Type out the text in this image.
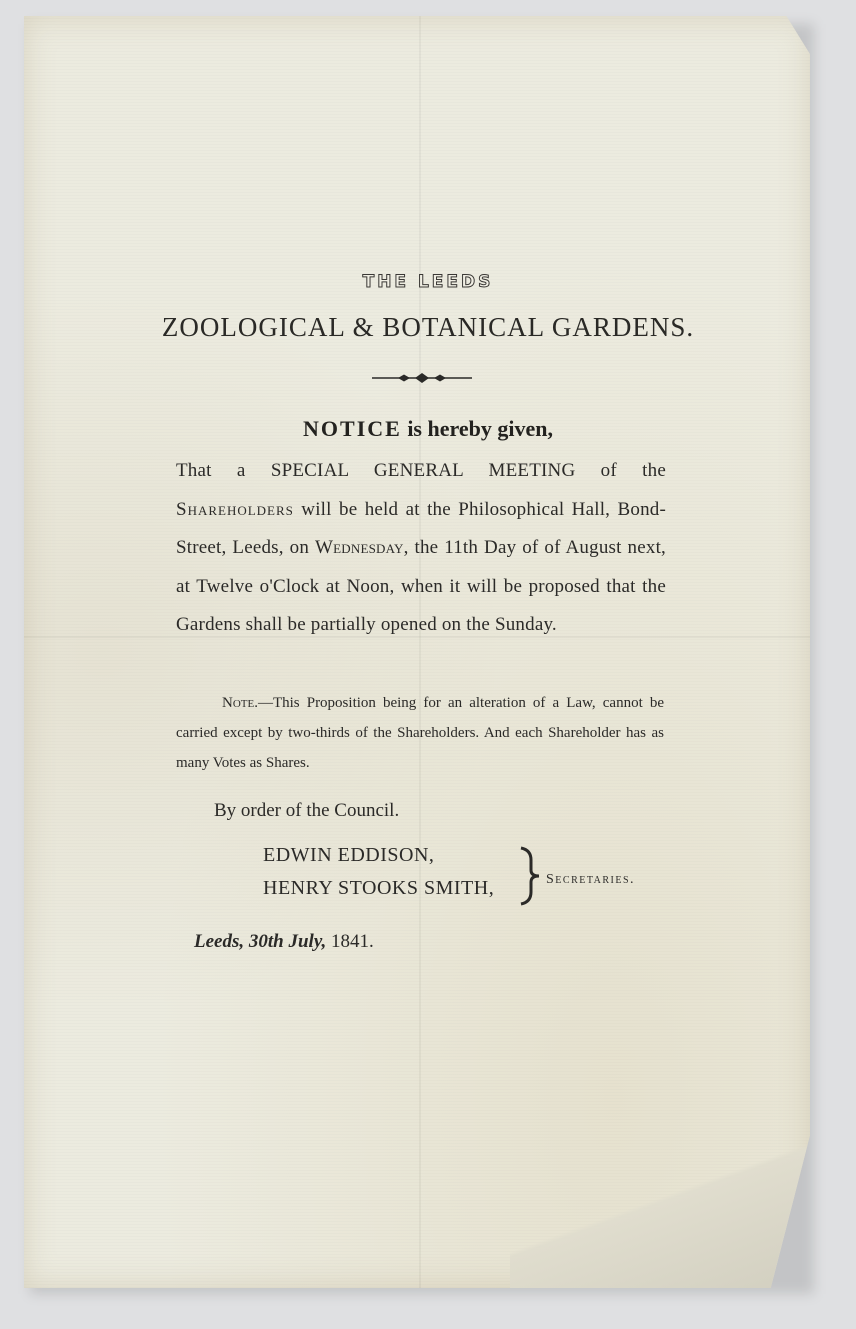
THE LEEDS
ZOOLOGICAL & BOTANICAL GARDENS.
NOTICE is hereby given,
That a SPECIAL GENERAL MEETING of the Shareholders will be held at the Philosophical Hall, Bond-Street, Leeds, on Wednesday, the 11th Day of of August next, at Twelve o'Clock at Noon, when it will be proposed that the Gardens shall be partially opened on the Sunday.
Note.—This Proposition being for an alteration of a Law, cannot be carried except by two-thirds of the Shareholders. And each Shareholder has as many Votes as Shares.
By order of the Council.
EDWIN EDDISON,
HENRY STOOKS SMITH,	Secretaries.
Leeds, 30th July, 1841.
